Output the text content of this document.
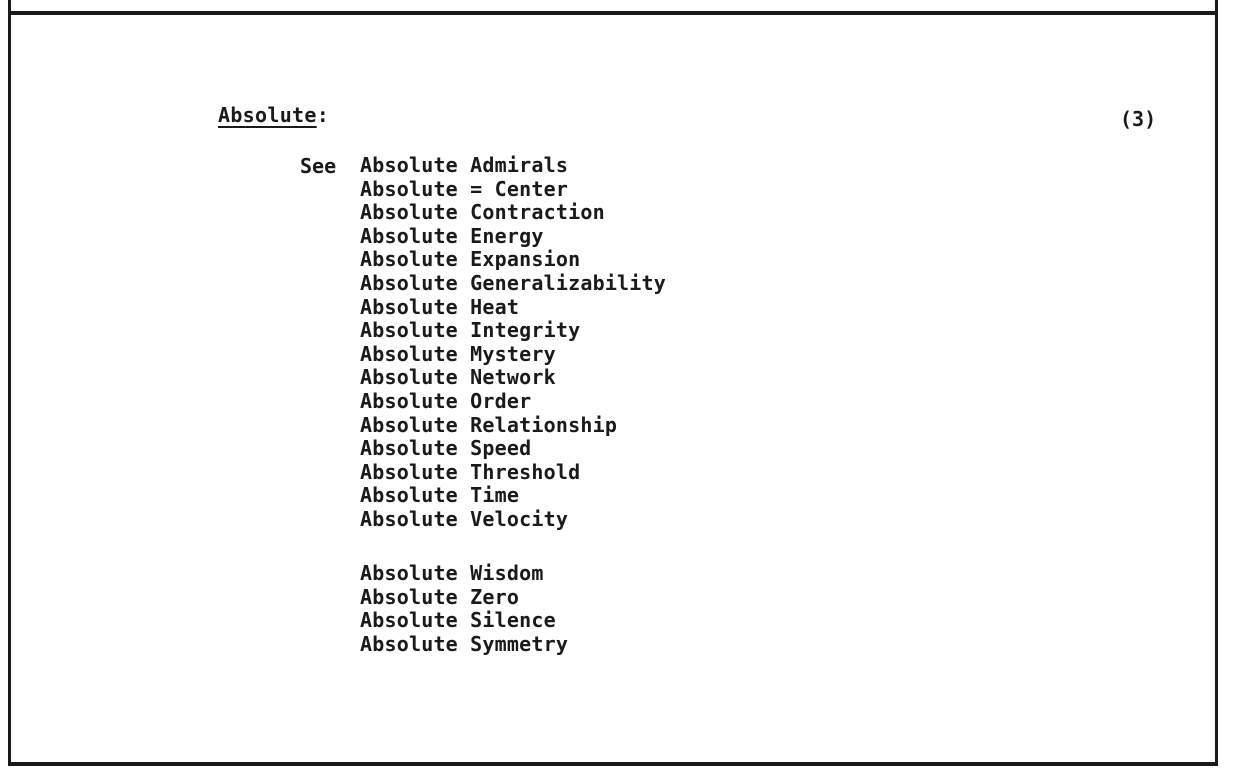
Absolute:	(3)
See Absolute Admirals
Absolute = Center
Absolute Contraction
Absolute Energy
Absolute Expansion
Absolute Generalizability
Absolute Heat
Absolute Integrity
Absolute Mystery
Absolute Network
Absolute Order
Absolute Relationship
Absolute Speed
Absolute Threshold
Absolute Time
Absolute Velocity
Absolute Wisdom
Absolute Zero
Absolute Silence
Absolute Symmetry
